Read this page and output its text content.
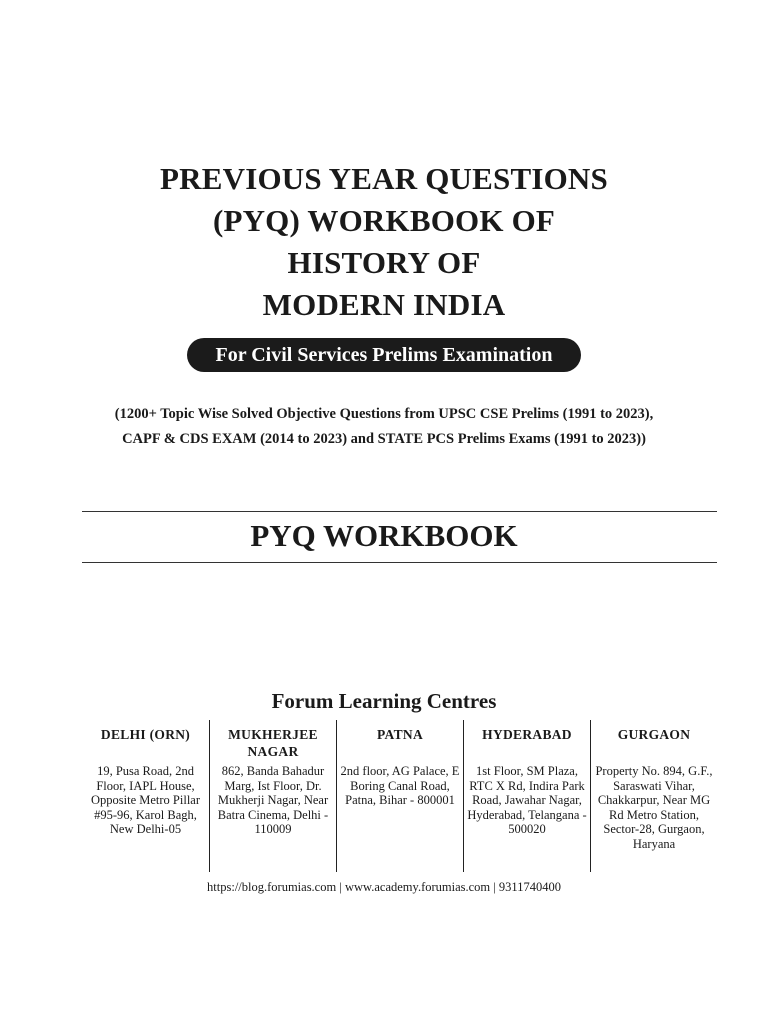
PREVIOUS YEAR QUESTIONS
(PYQ) WORKBOOK OF
HISTORY OF
MODERN INDIA
For Civil Services Prelims Examination
(1200+ Topic Wise Solved Objective Questions from UPSC CSE Prelims (1991 to 2023),
CAPF & CDS EXAM (2014 to 2023) and STATE PCS Prelims Exams (1991 to 2023))
PYQ WORKBOOK
Forum Learning Centres
DELHI (ORN)
19, Pusa Road, 2nd Floor, IAPL House, Opposite Metro Pillar #95-96, Karol Bagh, New Delhi-05
MUKHERJEE NAGAR
862, Banda Bahadur Marg, Ist Floor, Dr. Mukherji Nagar, Near Batra Cinema, Delhi - 110009
PATNA
2nd floor, AG Palace, E Boring Canal Road, Patna, Bihar - 800001
HYDERABAD
1st Floor, SM Plaza, RTC X Rd, Indira Park Road, Jawahar Nagar, Hyderabad, Telangana - 500020
GURGAON
Property No. 894, G.F., Saraswati Vihar, Chakkarpur, Near MG Rd Metro Station, Sector-28, Gurgaon, Haryana
https://blog.forumias.com | www.academy.forumias.com | 9311740400
